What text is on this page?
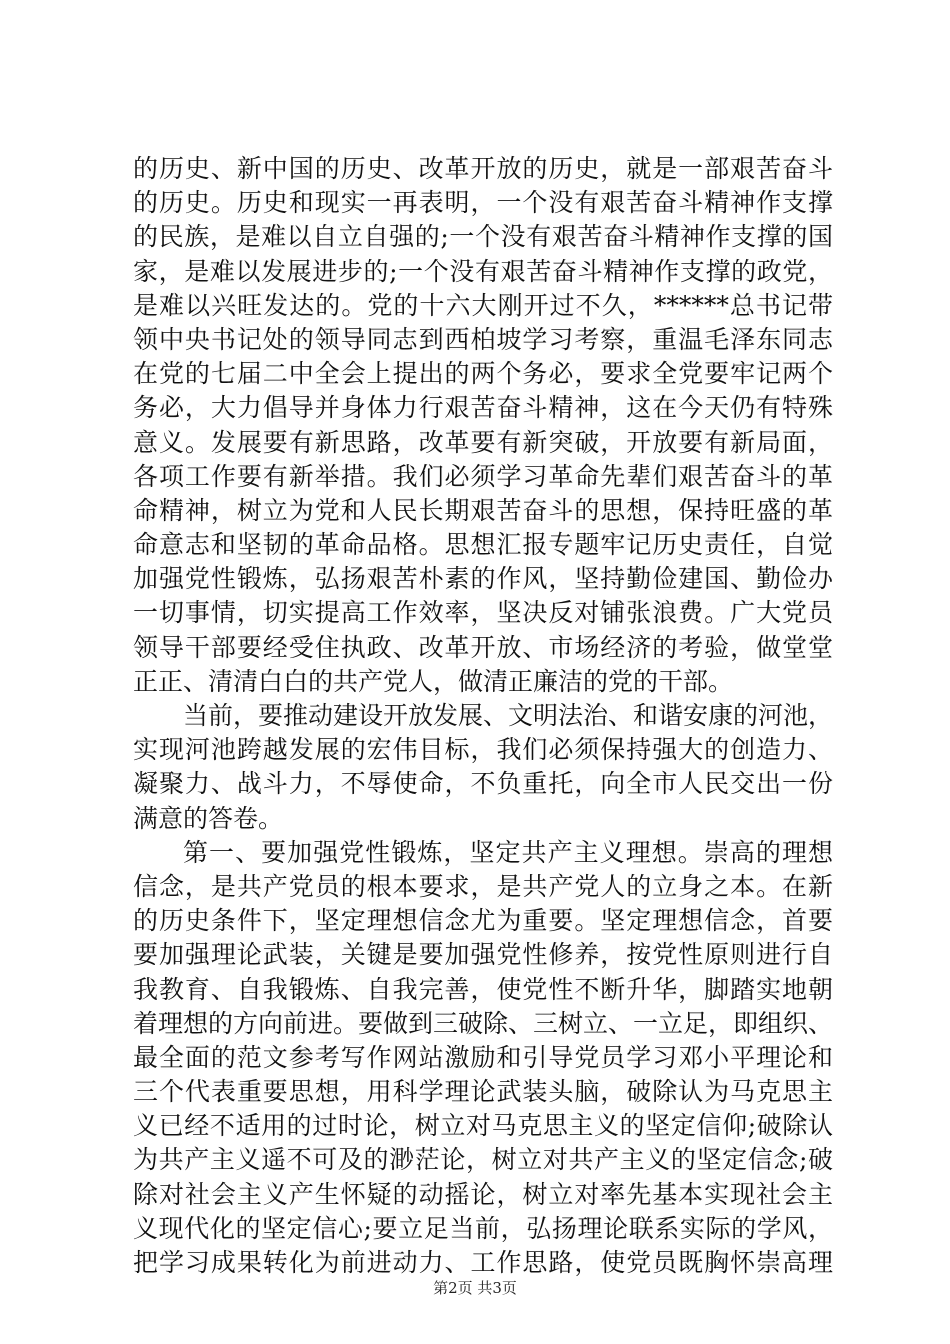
的历史、新中国的历史、改革开放的历史，就是一部艰苦奋斗
的历史。历史和现实一再表明，一个没有艰苦奋斗精神作支撑
的民族，是难以自立自强的;一个没有艰苦奋斗精神作支撑的国
家，是难以发展进步的;一个没有艰苦奋斗精神作支撑的政党，
是难以兴旺发达的。党的十六大刚开过不久，******总书记带
领中央书记处的领导同志到西柏坡学习考察，重温毛泽东同志
在党的七届二中全会上提出的两个务必，要求全党要牢记两个
务必，大力倡导并身体力行艰苦奋斗精神，这在今天仍有特殊
意义。发展要有新思路，改革要有新突破，开放要有新局面，
各项工作要有新举措。我们必须学习革命先辈们艰苦奋斗的革
命精神，树立为党和人民长期艰苦奋斗的思想，保持旺盛的革
命意志和坚韧的革命品格。思想汇报专题牢记历史责任，自觉
加强党性锻炼，弘扬艰苦朴素的作风，坚持勤俭建国、勤俭办
一切事情，切实提高工作效率，坚决反对铺张浪费。广大党员
领导干部要经受住执政、改革开放、市场经济的考验，做堂堂
正正、清清白白的共产党人，做清正廉洁的党的干部。
当前，要推动建设开放发展、文明法治、和谐安康的河池，
实现河池跨越发展的宏伟目标，我们必须保持强大的创造力、
凝聚力、战斗力，不辱使命，不负重托，向全市人民交出一份
满意的答卷。
第一、要加强党性锻炼，坚定共产主义理想。崇高的理想
信念，是共产党员的根本要求，是共产党人的立身之本。在新
的历史条件下，坚定理想信念尤为重要。坚定理想信念，首要
要加强理论武装，关键是要加强党性修养，按党性原则进行自
我教育、自我锻炼、自我完善，使党性不断升华，脚踏实地朝
着理想的方向前进。要做到三破除、三树立、一立足，即组织、
最全面的范文参考写作网站激励和引导党员学习邓小平理论和
三个代表重要思想，用科学理论武装头脑，破除认为马克思主
义已经不适用的过时论，树立对马克思主义的坚定信仰;破除认
为共产主义遥不可及的渺茫论，树立对共产主义的坚定信念;破
除对社会主义产生怀疑的动摇论，树立对率先基本实现社会主
义现代化的坚定信心;要立足当前，弘扬理论联系实际的学风，
把学习成果转化为前进动力、工作思路，使党员既胸怀崇高理
第2页 共3页
